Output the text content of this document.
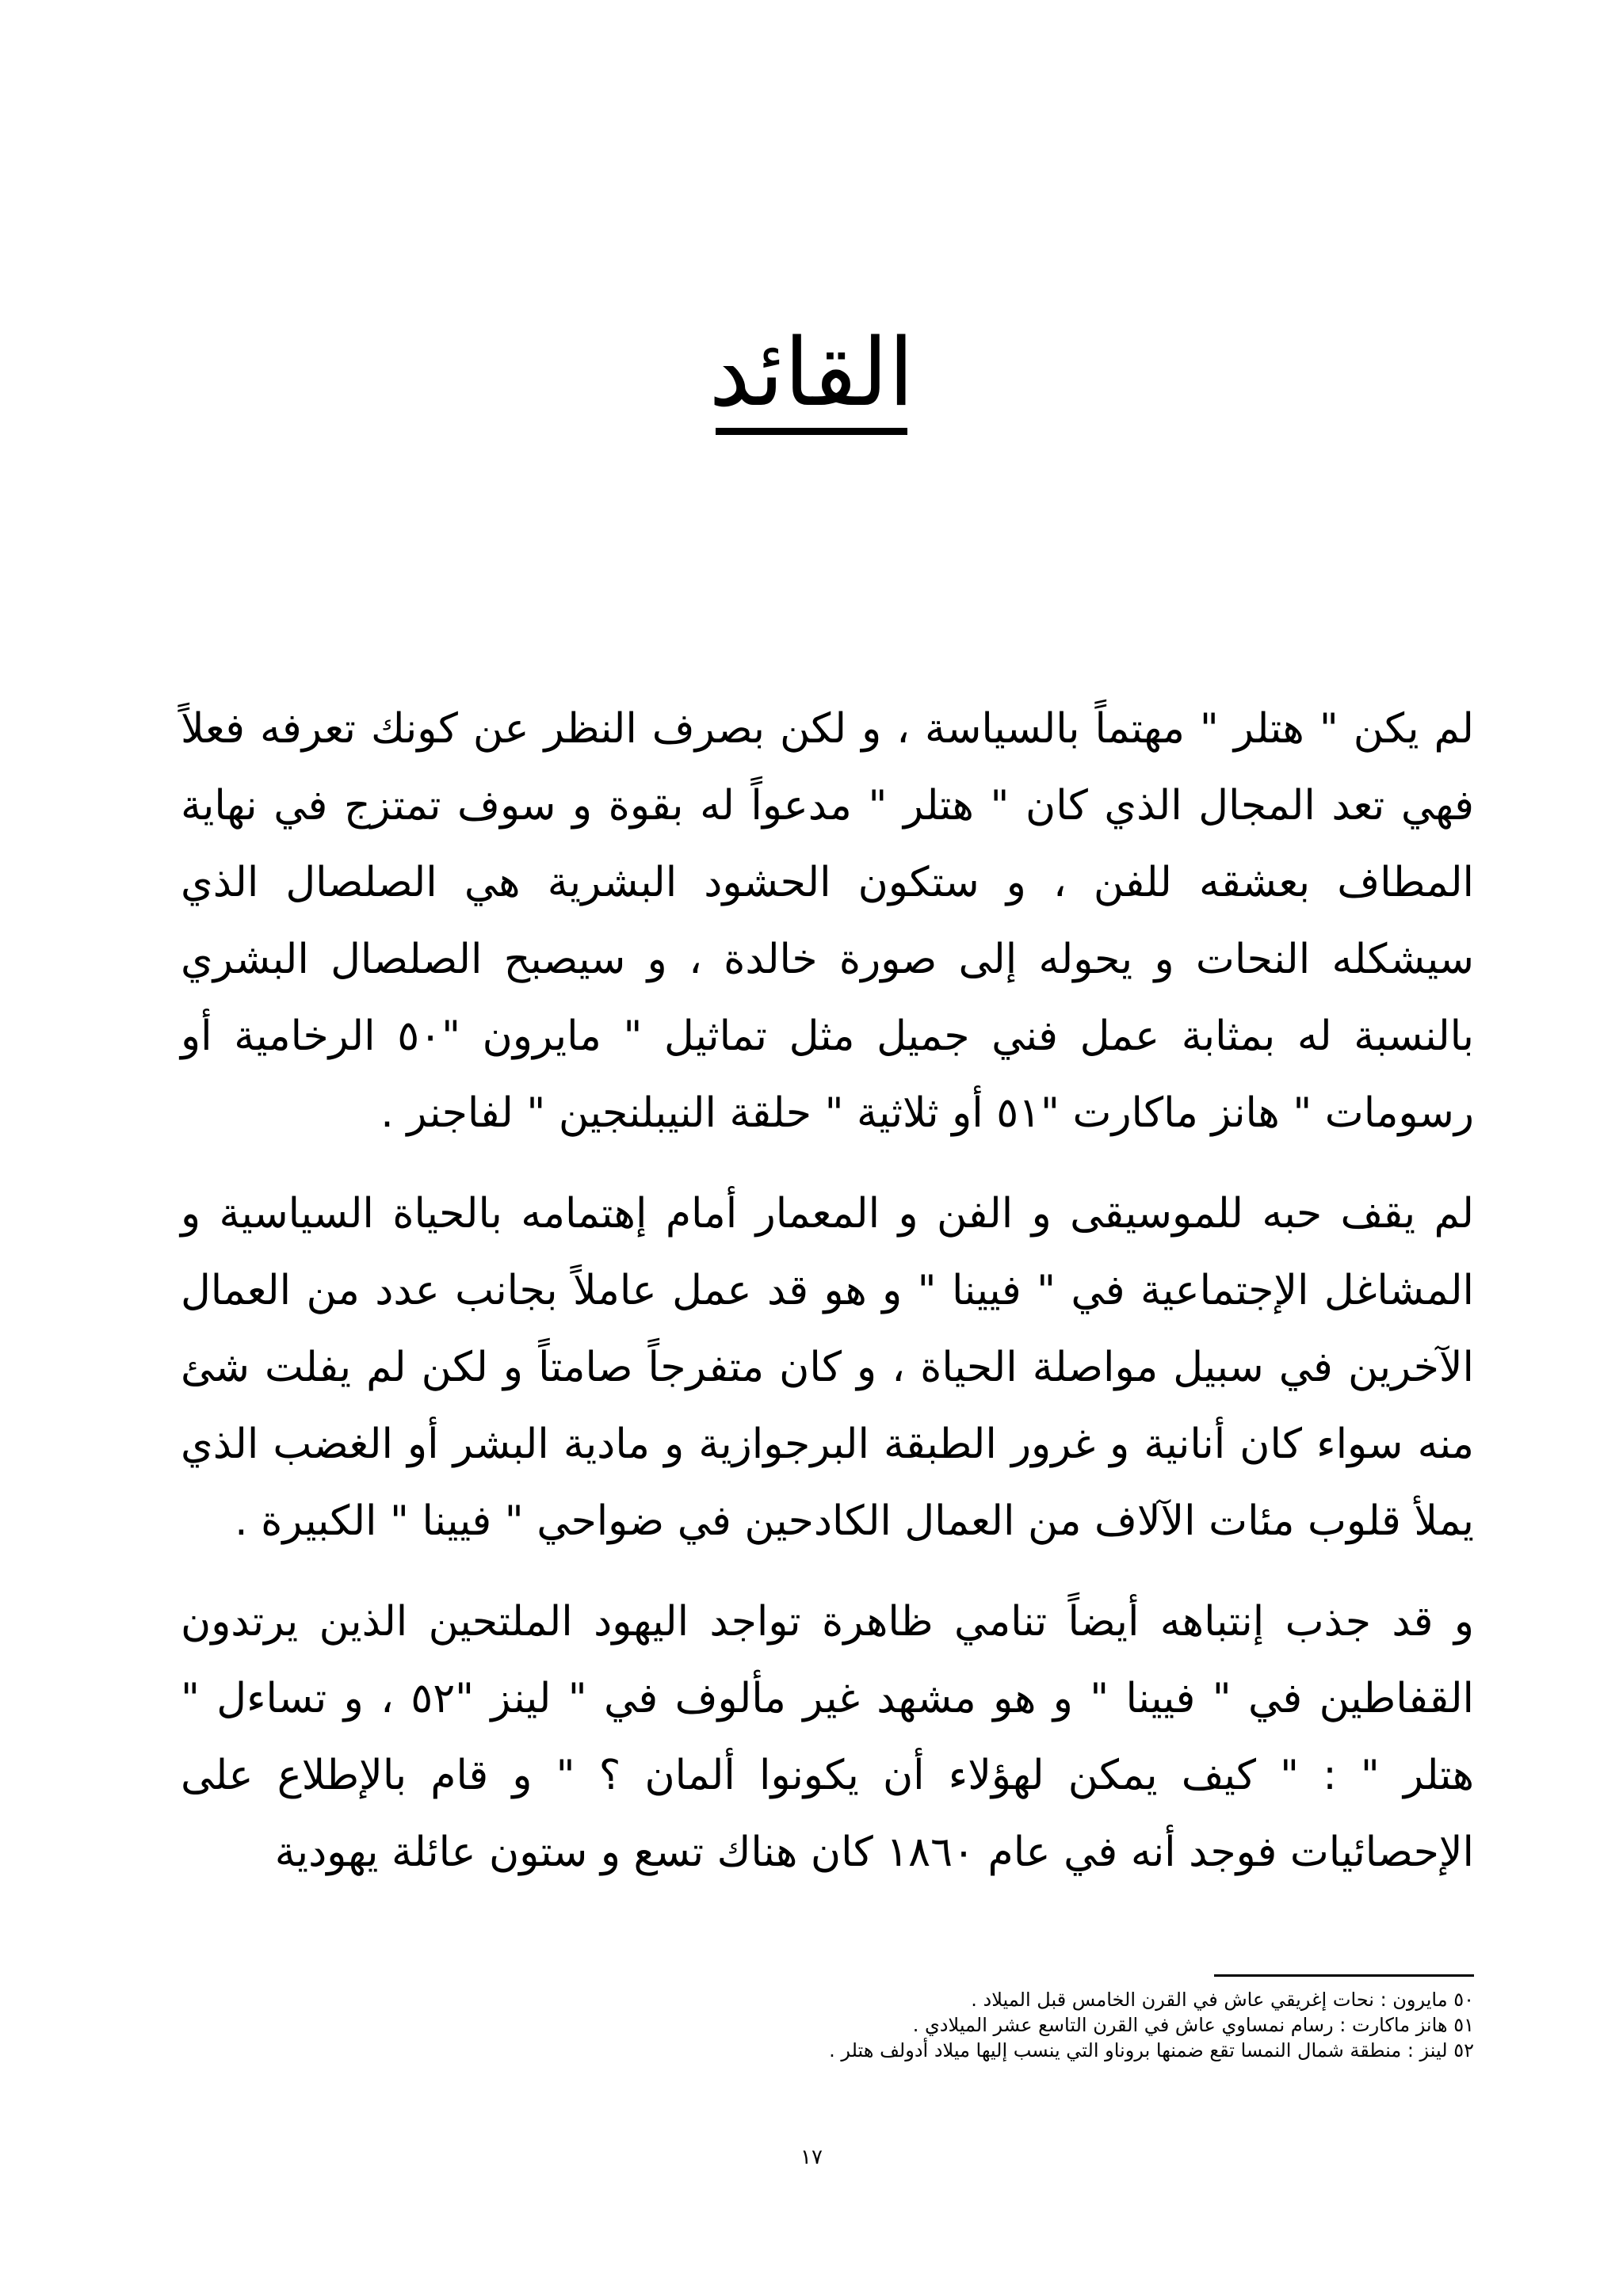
القائد

لم يكن " هتلر " مهتماً بالسياسة ، و لكن بصرف النظر عن كونك تعرفه فعلاً فهي تعد المجال الذي كان " هتلر " مدعواً له بقوة و سوف تمتزج في نهاية المطاف بعشقه للفن ، و ستكون الحشود البشرية هي الصلصال الذي سيشكله النحات و يحوله إلى صورة خالدة ، و سيصبح الصلصال البشري بالنسبة له بمثابة عمل فني جميل مثل تماثيل " مايرون "٥٠ الرخامية أو رسومات " هانز ماكارت "٥١ أو ثلاثية " حلقة النيبلنجين " لفاجنر .

لم يقف حبه للموسيقى و الفن و المعمار أمام إهتمامه بالحياة السياسية و المشاغل الإجتماعية في " فيينا " و هو قد عمل عاملاً بجانب عدد من العمال الآخرين في سبيل مواصلة الحياة ، و كان متفرجاً صامتاً و لكن لم يفلت شئ منه سواء كان أنانية و غرور الطبقة البرجوازية و مادية البشر أو الغضب الذي يملأ قلوب مئات الآلاف من العمال الكادحين في ضواحي " فيينا " الكبيرة .

و قد جذب إنتباهه أيضاً تنامي ظاهرة تواجد اليهود الملتحين الذين يرتدون القفاطين في " فيينا " و هو مشهد غير مألوف في " لينز "٥٢ ، و تساءل " هتلر " : " كيف يمكن لهؤلاء أن يكونوا ألمان ؟ " و قام بالإطلاع على الإحصائيات فوجد أنه في عام ١٨٦٠ كان هناك تسع و ستون عائلة يهودية

٥٠ مايرون : نحات إغريقي عاش في القرن الخامس قبل الميلاد .
٥١ هانز ماكارت : رسام نمساوي عاش في القرن التاسع عشر الميلادي .
٥٢ لينز : منطقة شمال النمسا تقع ضمنها بروناو التي ينسب إليها ميلاد أدولف هتلر .
١٧
